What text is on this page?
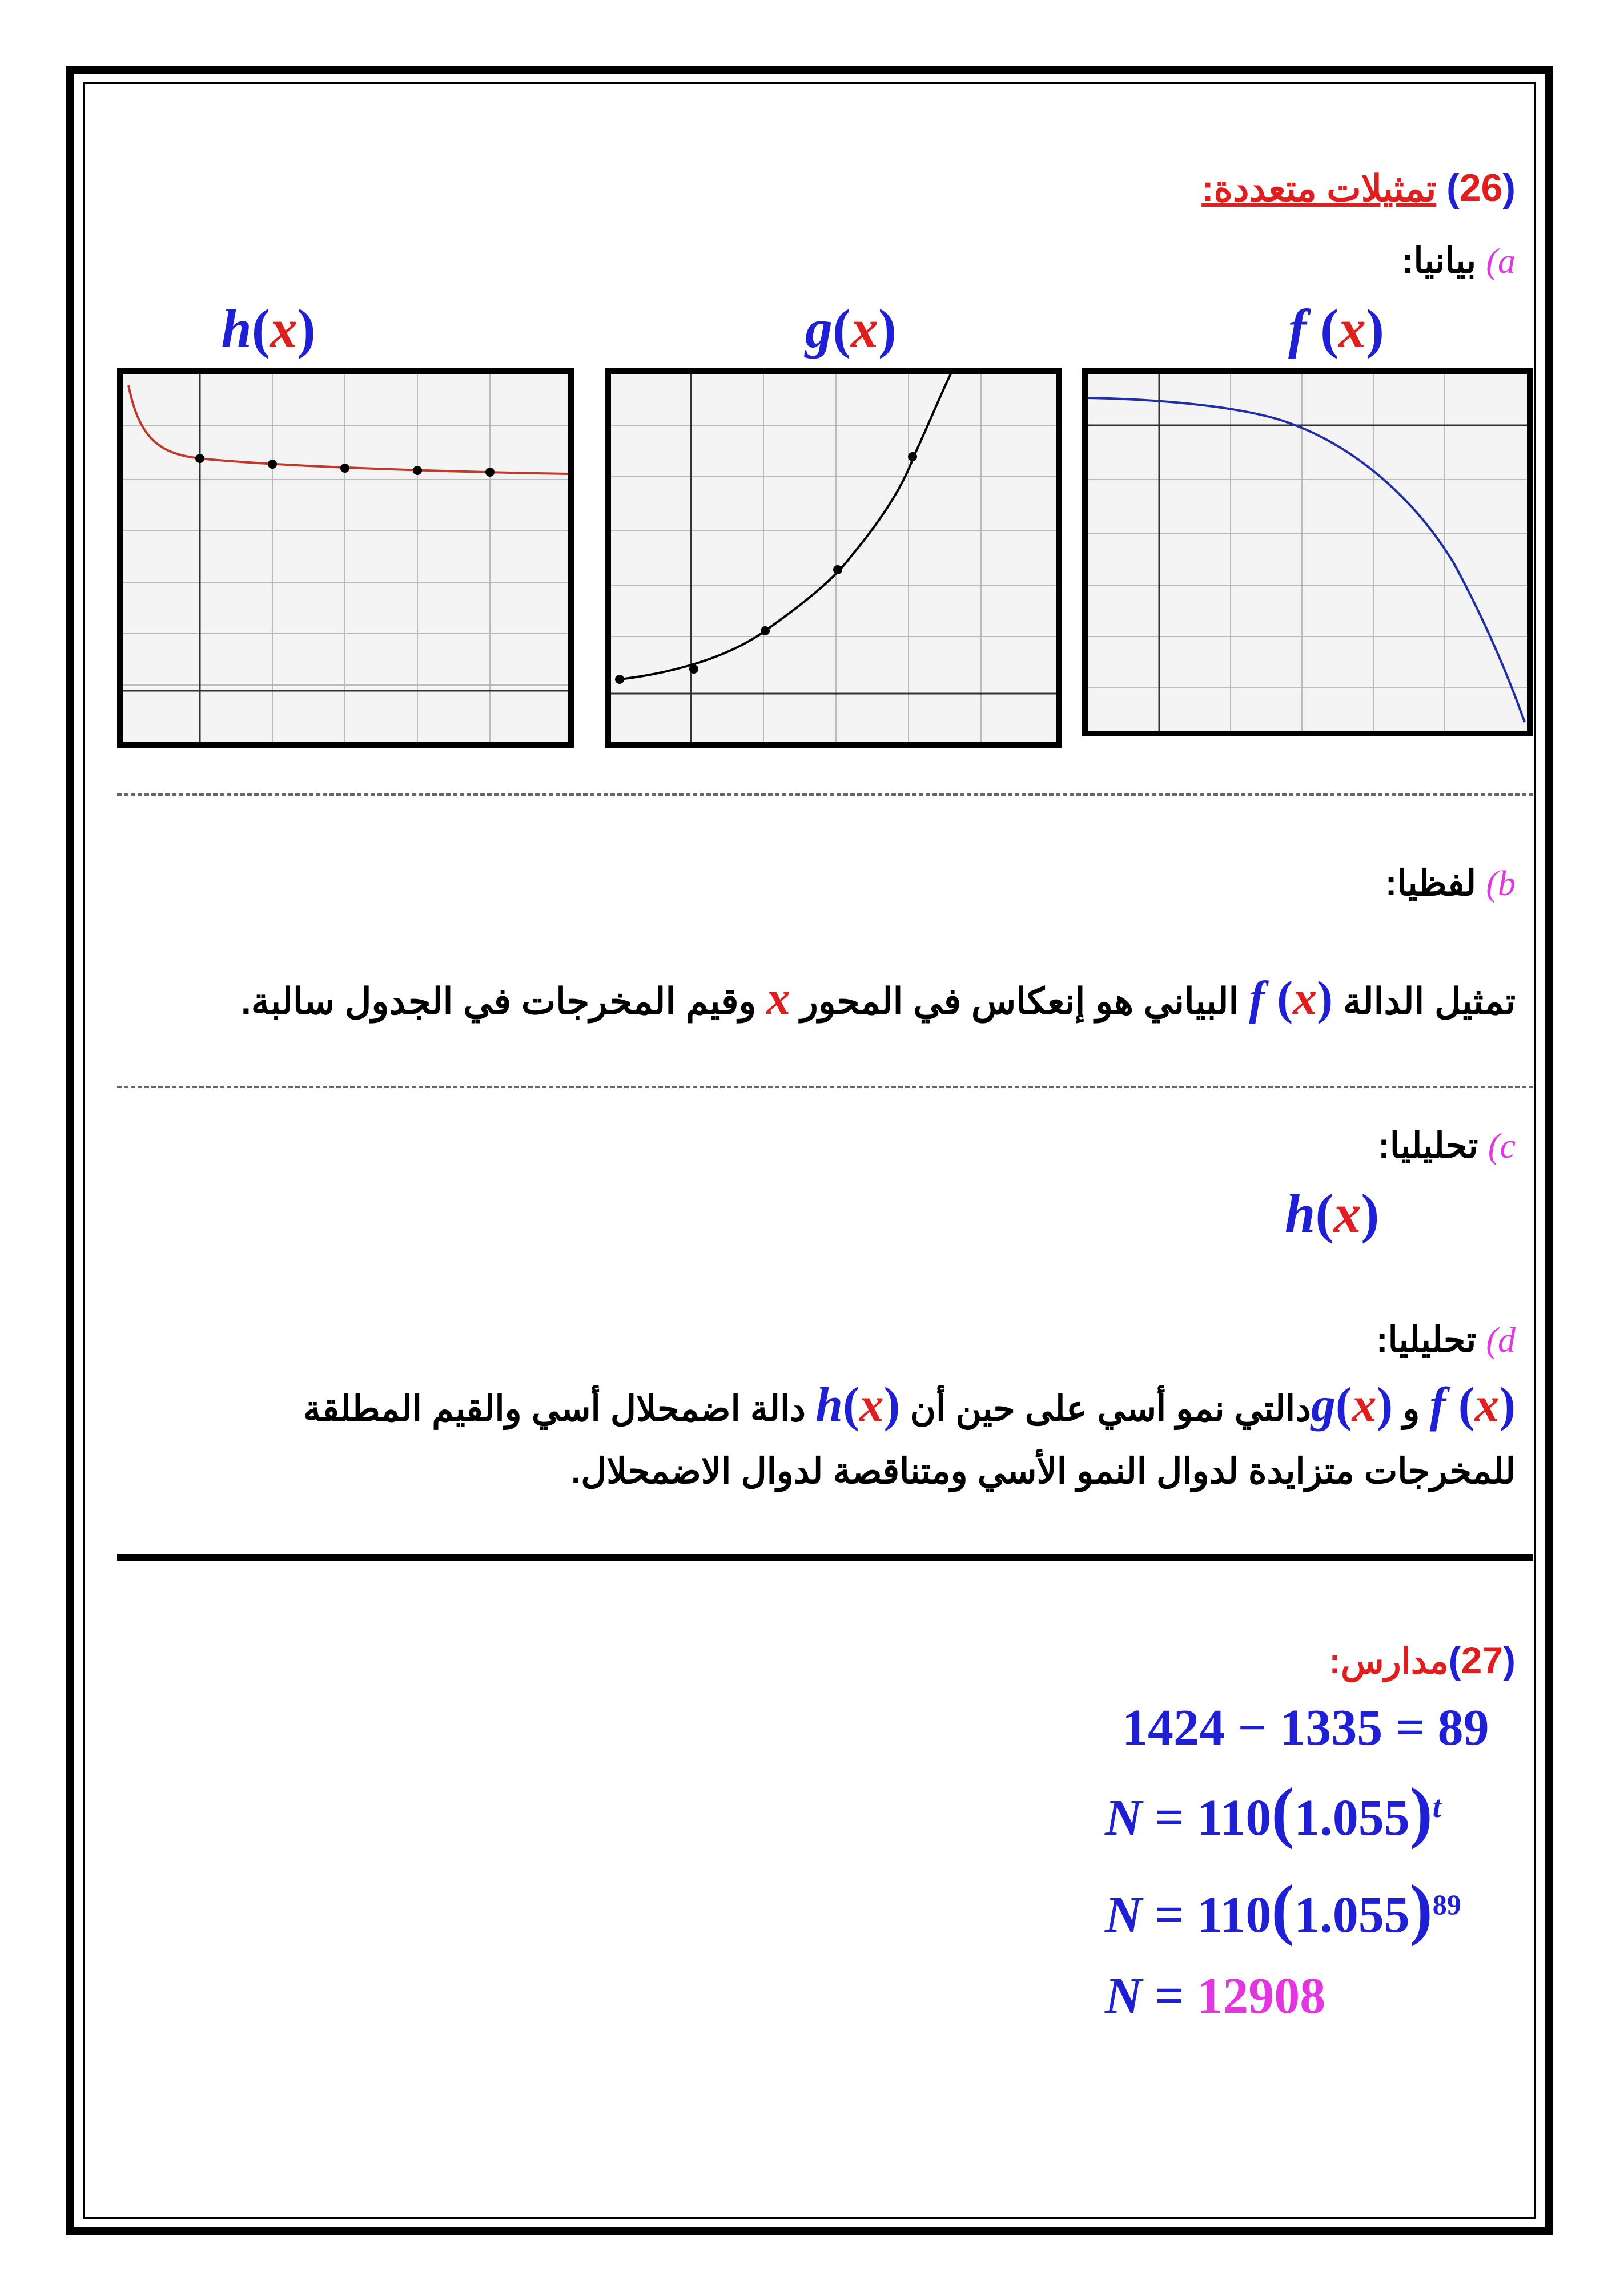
(26) تمثيلات متعددة:
a) بيانيا:
h(x)	g(x)	f (x)
b) لفظيا:
تمثيل الدالة (x) f البياني هو إنعكاس في المحور x وقيم المخرجات في الجدول سالبة.
c) تحليليا:
h(x)
d) تحليليا:
(x) f و (x)gدالتي نمو أسي على حين أن (x)h دالة اضمحلال أسي والقيم المطلقة
للمخرجات متزايدة لدوال النمو الأسي ومتناقصة لدوال الاضمحلال.
(27)مدارس:
1424 − 1335 = 89
$N = 110(1.055)^t$
$N = 110(1.055)^{89}$
N = 12908
